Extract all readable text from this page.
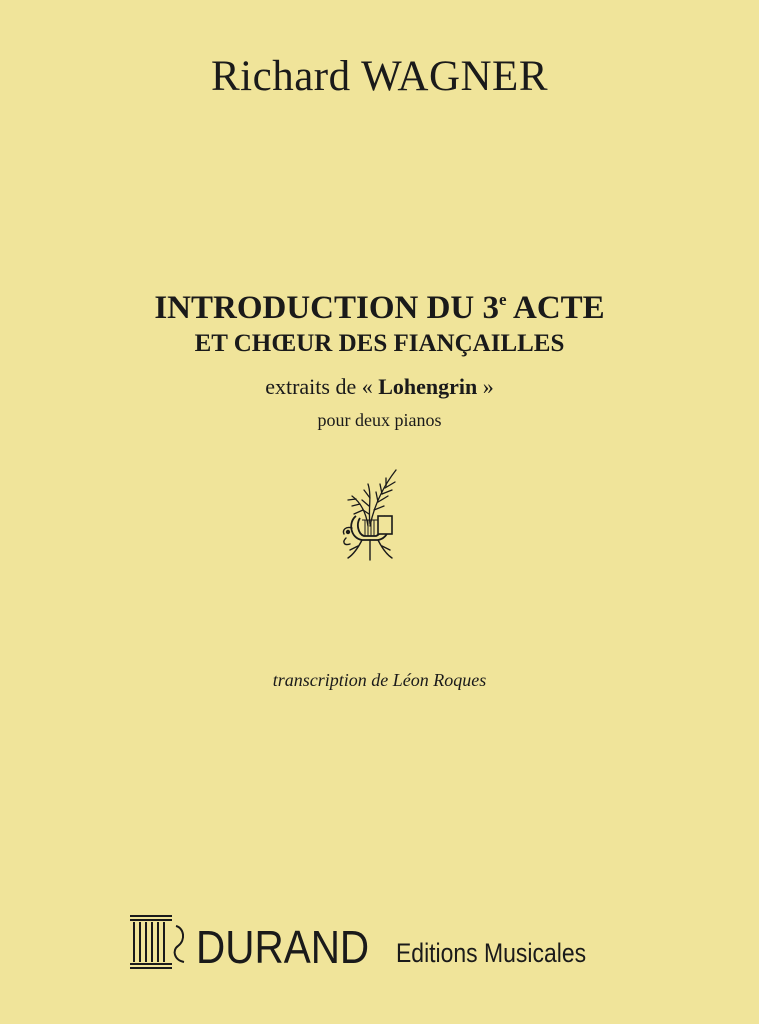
Richard WAGNER
INTRODUCTION DU 3e ACTE
ET CHŒUR DES FIANÇAILLES
extraits de « Lohengrin »
pour deux pianos
transcription de Léon Roques
DURAND Editions Musicales
